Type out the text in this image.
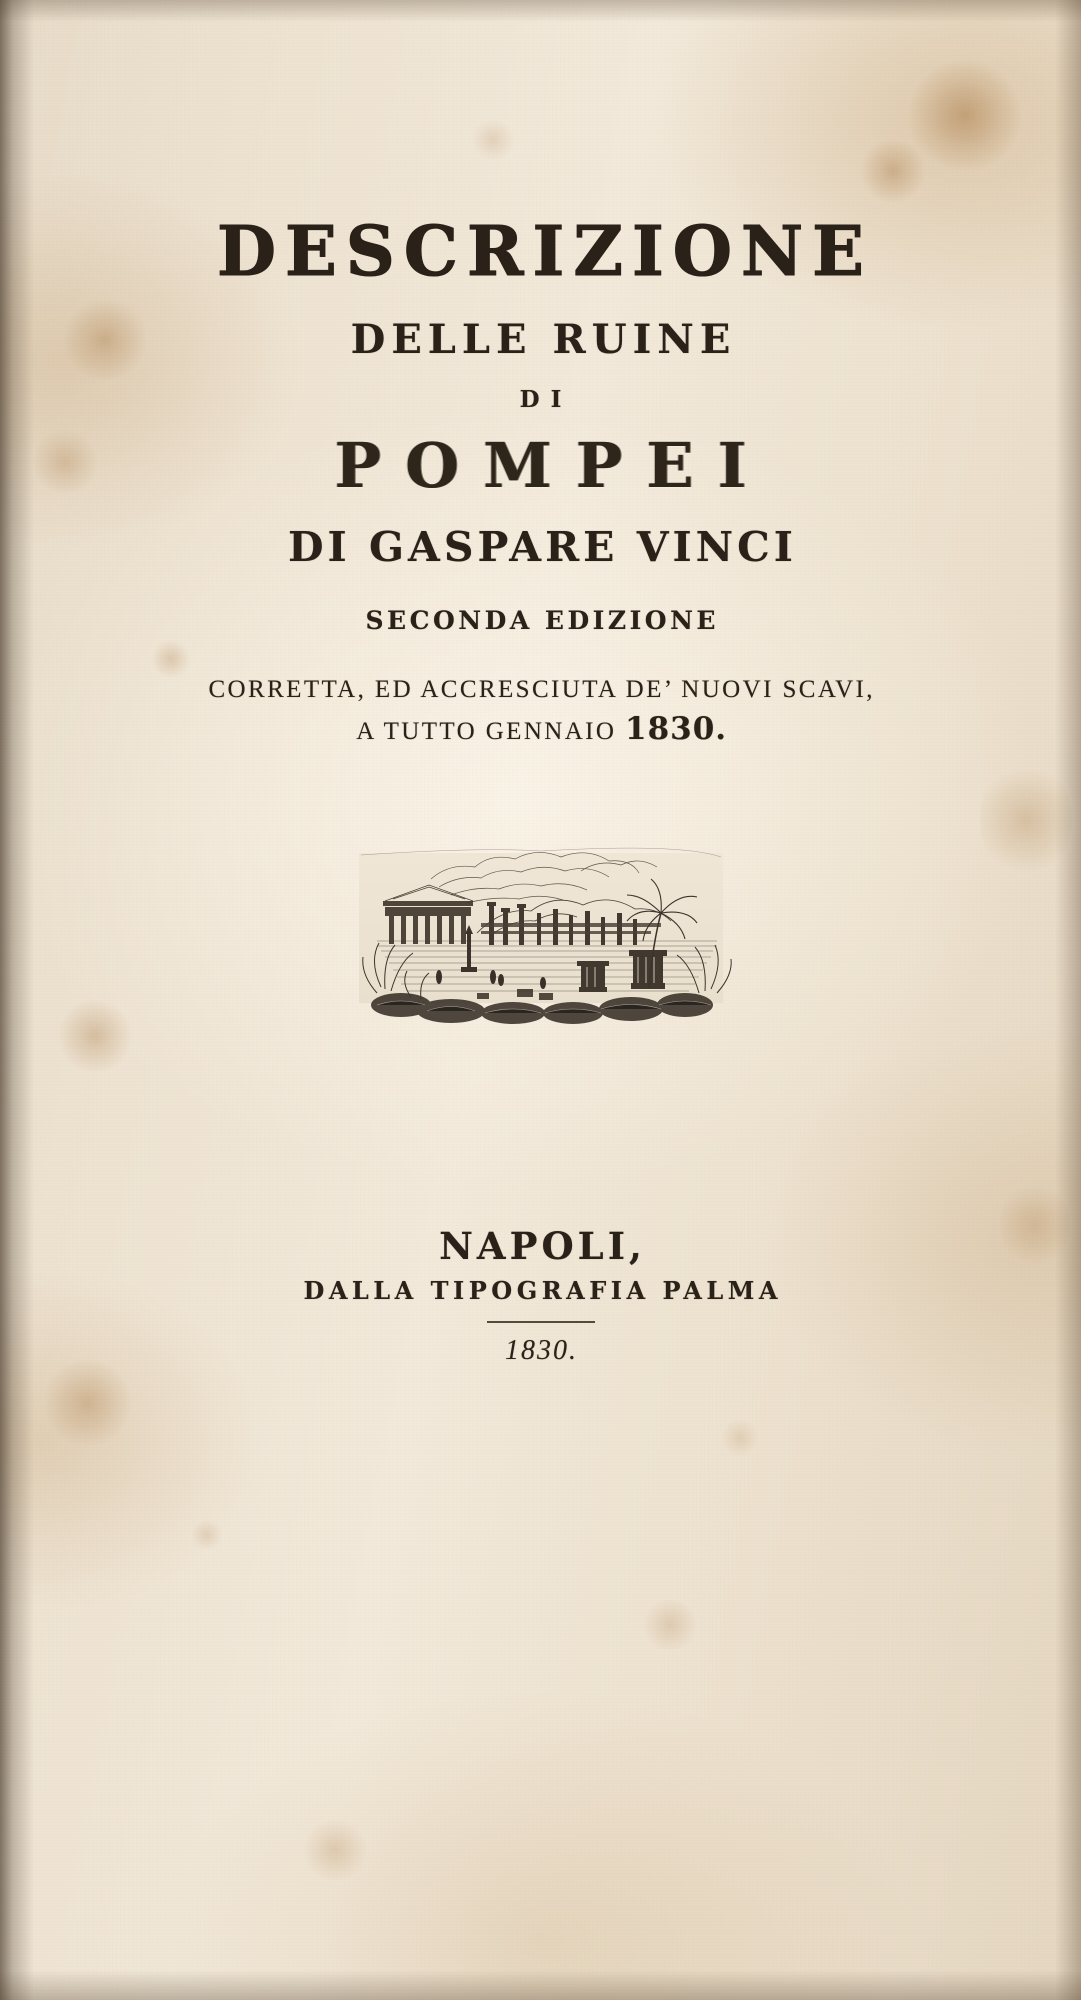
DESCRIZIONE
DELLE RUINE
DI
POMPEI
DI GASPARE VINCI
SECONDA EDIZIONE
CORRETTA, ED ACCRESCIUTA DE’ NUOVI SCAVI,
A TUTTO GENNAIO 1830.
NAPOLI,
DALLA TIPOGRAFIA PALMA
1830.
